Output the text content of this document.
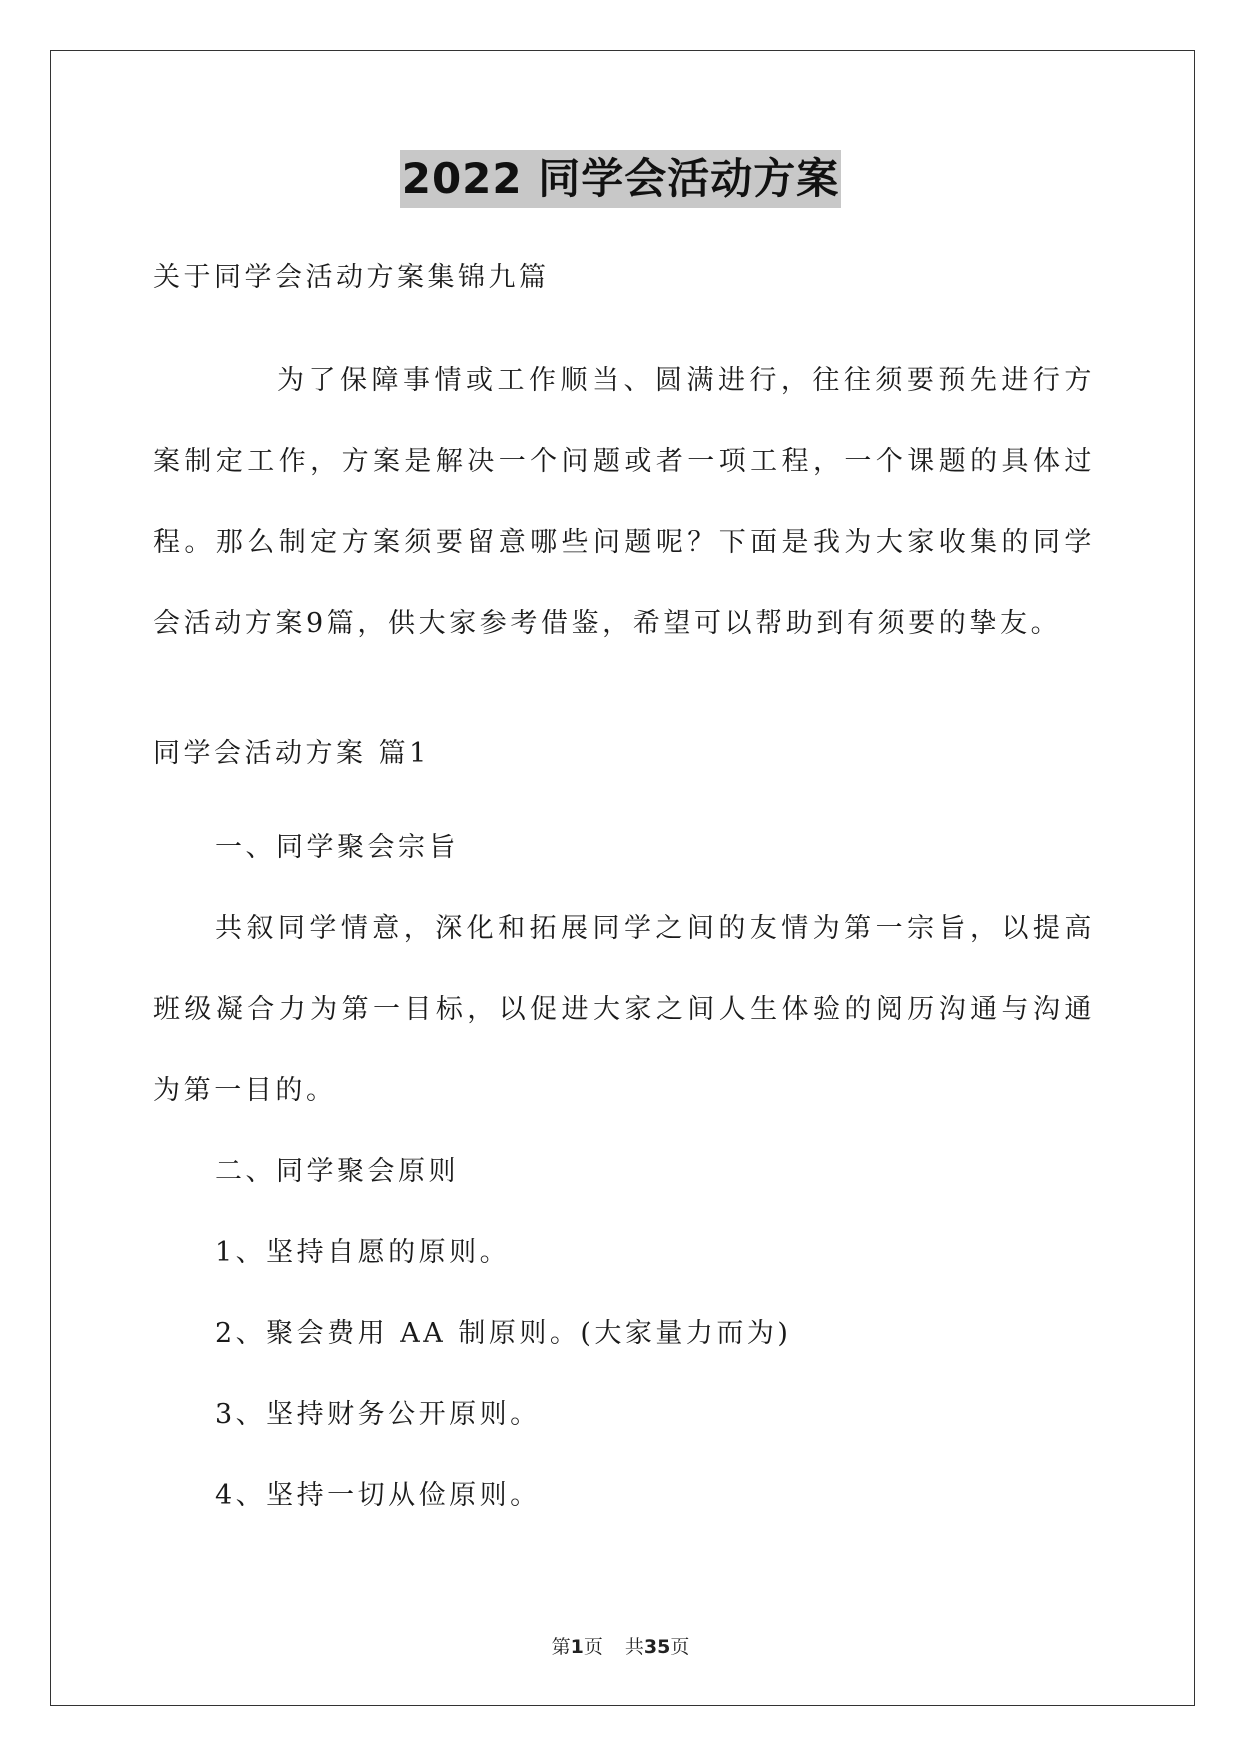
2022 同学会活动方案

关于同学会活动方案集锦九篇

为了保障事情或工作顺当、圆满进行，往往须要预先进行方案制定工作，方案是解决一个问题或者一项工程，一个课题的具体过程。那么制定方案须要留意哪些问题呢？下面是我为大家收集的同学会活动方案9篇，供大家参考借鉴，希望可以帮助到有须要的挚友。

同学会活动方案 篇1

一、同学聚会宗旨

共叙同学情意，深化和拓展同学之间的友情为第一宗旨，以提高班级凝合力为第一目标，以促进大家之间人生体验的阅历沟通与沟通为第一目的。

二、同学聚会原则

1、坚持自愿的原则。

2、聚会费用 AA 制原则。(大家量力而为)

3、坚持财务公开原则。

4、坚持一切从俭原则。

第1页 共35页
